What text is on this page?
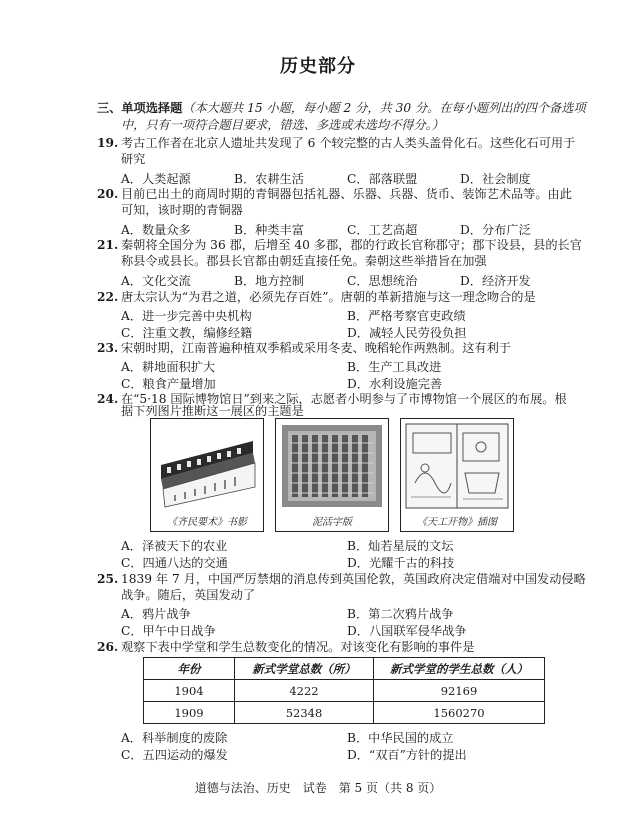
历史部分
三、单项选择题（本大题共 15 小题，每小题 2 分，共 30 分。在每小题列出的四个备选项
中，只有一项符合题目要求，错选、多选或未选均不得分。）
19. 考古工作者在北京人遗址共发现了 6 个较完整的古人类头盖骨化石。这些化石可用于
研究
A．人类起源	B．农耕生活	C．部落联盟	D．社会制度
20. 目前已出土的商周时期的青铜器包括礼器、乐器、兵器、货币、装饰艺术品等。由此
可知，该时期的青铜器
A．数量众多	B．种类丰富	C．工艺高超	D．分布广泛
21. 秦朝将全国分为 36 郡，后增至 40 多郡，郡的行政长官称郡守；郡下设县，县的长官
称县令或县长。郡县长官都由朝廷直接任免。秦朝这些举措旨在加强
A．文化交流	B．地方控制	C．思想统治	D．经济开发
22. 唐太宗认为“为君之道，必须先存百姓”。唐朝的革新措施与这一理念吻合的是
A．进一步完善中央机构	B．严格考察官吏政绩
C．注重文教，编修经籍	D．减轻人民劳役负担
23. 宋朝时期，江南普遍种植双季稻或采用冬麦、晚稻轮作两熟制。这有利于
A．耕地面积扩大	B．生产工具改进
C．粮食产量增加	D．水利设施完善
24. 在“5·18 国际博物馆日”到来之际，志愿者小明参与了市博物馆一个展区的布展。根
《齐民要术》书影	泥活字版	《天工开物》插图
A．泽被天下的农业	B．灿若星辰的文坛
C．四通八达的交通	D．光耀千古的科技
25. 1839 年 7 月，中国严厉禁烟的消息传到英国伦敦，英国政府决定借端对中国发动侵略
战争。随后，英国发动了
A．鸦片战争	B．第二次鸦片战争
C．甲午中日战争	D．八国联军侵华战争
26. 观察下表中学堂和学生总数变化的情况。对该变化有影响的事件是
年份	新式学堂总数（所）	新式学堂的学生总数（人）
1904	4222	92169
1909	52348	1560270
A．科举制度的废除	B．中华民国的成立
C．五四运动的爆发	D．“双百”方针的提出
道德与法治、历史　试卷　第 5 页（共 8 页）
据下列图片推断这一展区的主题是
